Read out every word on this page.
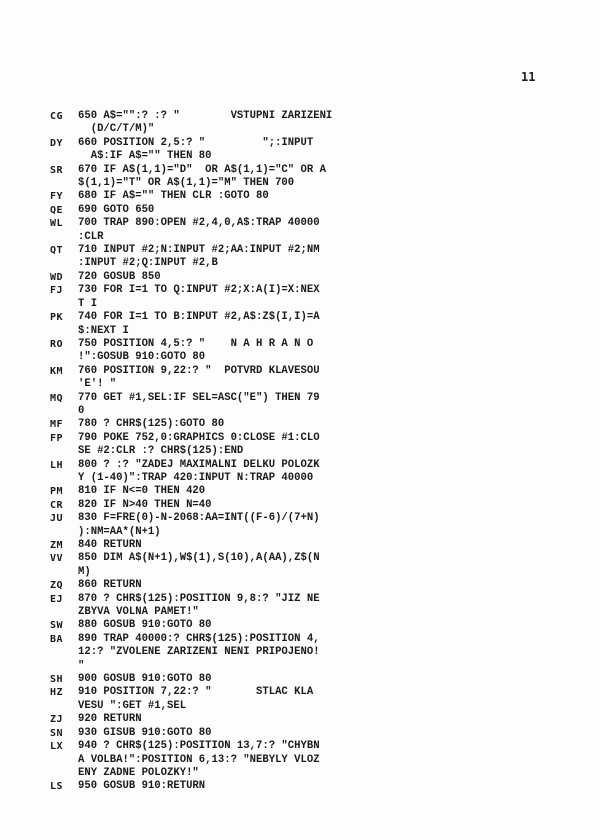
11
CG	650 A$="":? :? "        VSTUPNI ZARIZENI
(D/C/T/M)"
DY	660 POSITION 2,5:? "         ";:INPUT
A$:IF A$="" THEN 80
SR	670 IF A$(1,1)="D"  OR A$(1,1)="C" OR A
$(1,1)="T" OR A$(1,1)="M" THEN 700
FY	680 IF A$="" THEN CLR :GOTO 80
QE	690 GOTO 650
WL	700 TRAP 890:OPEN #2,4,0,A$:TRAP 40000
:CLR
QT	710 INPUT #2;N:INPUT #2;AA:INPUT #2;NM
:INPUT #2;Q:INPUT #2,B
WD	720 GOSUB 850
FJ	730 FOR I=1 TO Q:INPUT #2;X:A(I)=X:NEX
T I
PK	740 FOR I=1 TO B:INPUT #2,A$:Z$(I,I)=A
$:NEXT I
RO	750 POSITION 4,5:? "    N A H R A N O
!":GOSUB 910:GOTO 80
KM	760 POSITION 9,22:? "  POTVRD KLAVESOU
'E'! "
MQ	770 GET #1,SEL:IF SEL=ASC("E") THEN 79
0
MF	780 ? CHR$(125):GOTO 80
FP	790 POKE 752,0:GRAPHICS 0:CLOSE #1:CLO
SE #2:CLR :? CHR$(125):END
LH	800 ? :? "ZADEJ MAXIMALNI DELKU POLOZK
Y (1-40)":TRAP 420:INPUT N:TRAP 40000
PM	810 IF N<=0 THEN 420
CR	820 IF N>40 THEN N=40
JU	830 F=FRE(0)-N-2068:AA=INT((F-6)/(7+N)
):NM=AA*(N+1)
ZM	840 RETURN
VV	850 DIM A$(N+1),W$(1),S(10),A(AA),Z$(N
M)
ZQ	860 RETURN
EJ	870 ? CHR$(125):POSITION 9,8:? "JIZ NE
ZBYVA VOLNA PAMET!"
SW	880 GOSUB 910:GOTO 80
BA	890 TRAP 40000:? CHR$(125):POSITION 4,
12:? "ZVOLENE ZARIZENI NENI PRIPOJENO!
"
SH	900 GOSUB 910:GOTO 80
HZ	910 POSITION 7,22:? "       STLAC KLA
VESU ":GET #1,SEL
ZJ	920 RETURN
SN	930 GISUB 910:GOTO 80
LX	940 ? CHR$(125):POSITION 13,7:? "CHYBN
A VOLBA!":POSITION 6,13:? "NEBYLY VLOZ
ENY ZADNE POLOZKY!"
LS	950 GOSUB 910:RETURN
